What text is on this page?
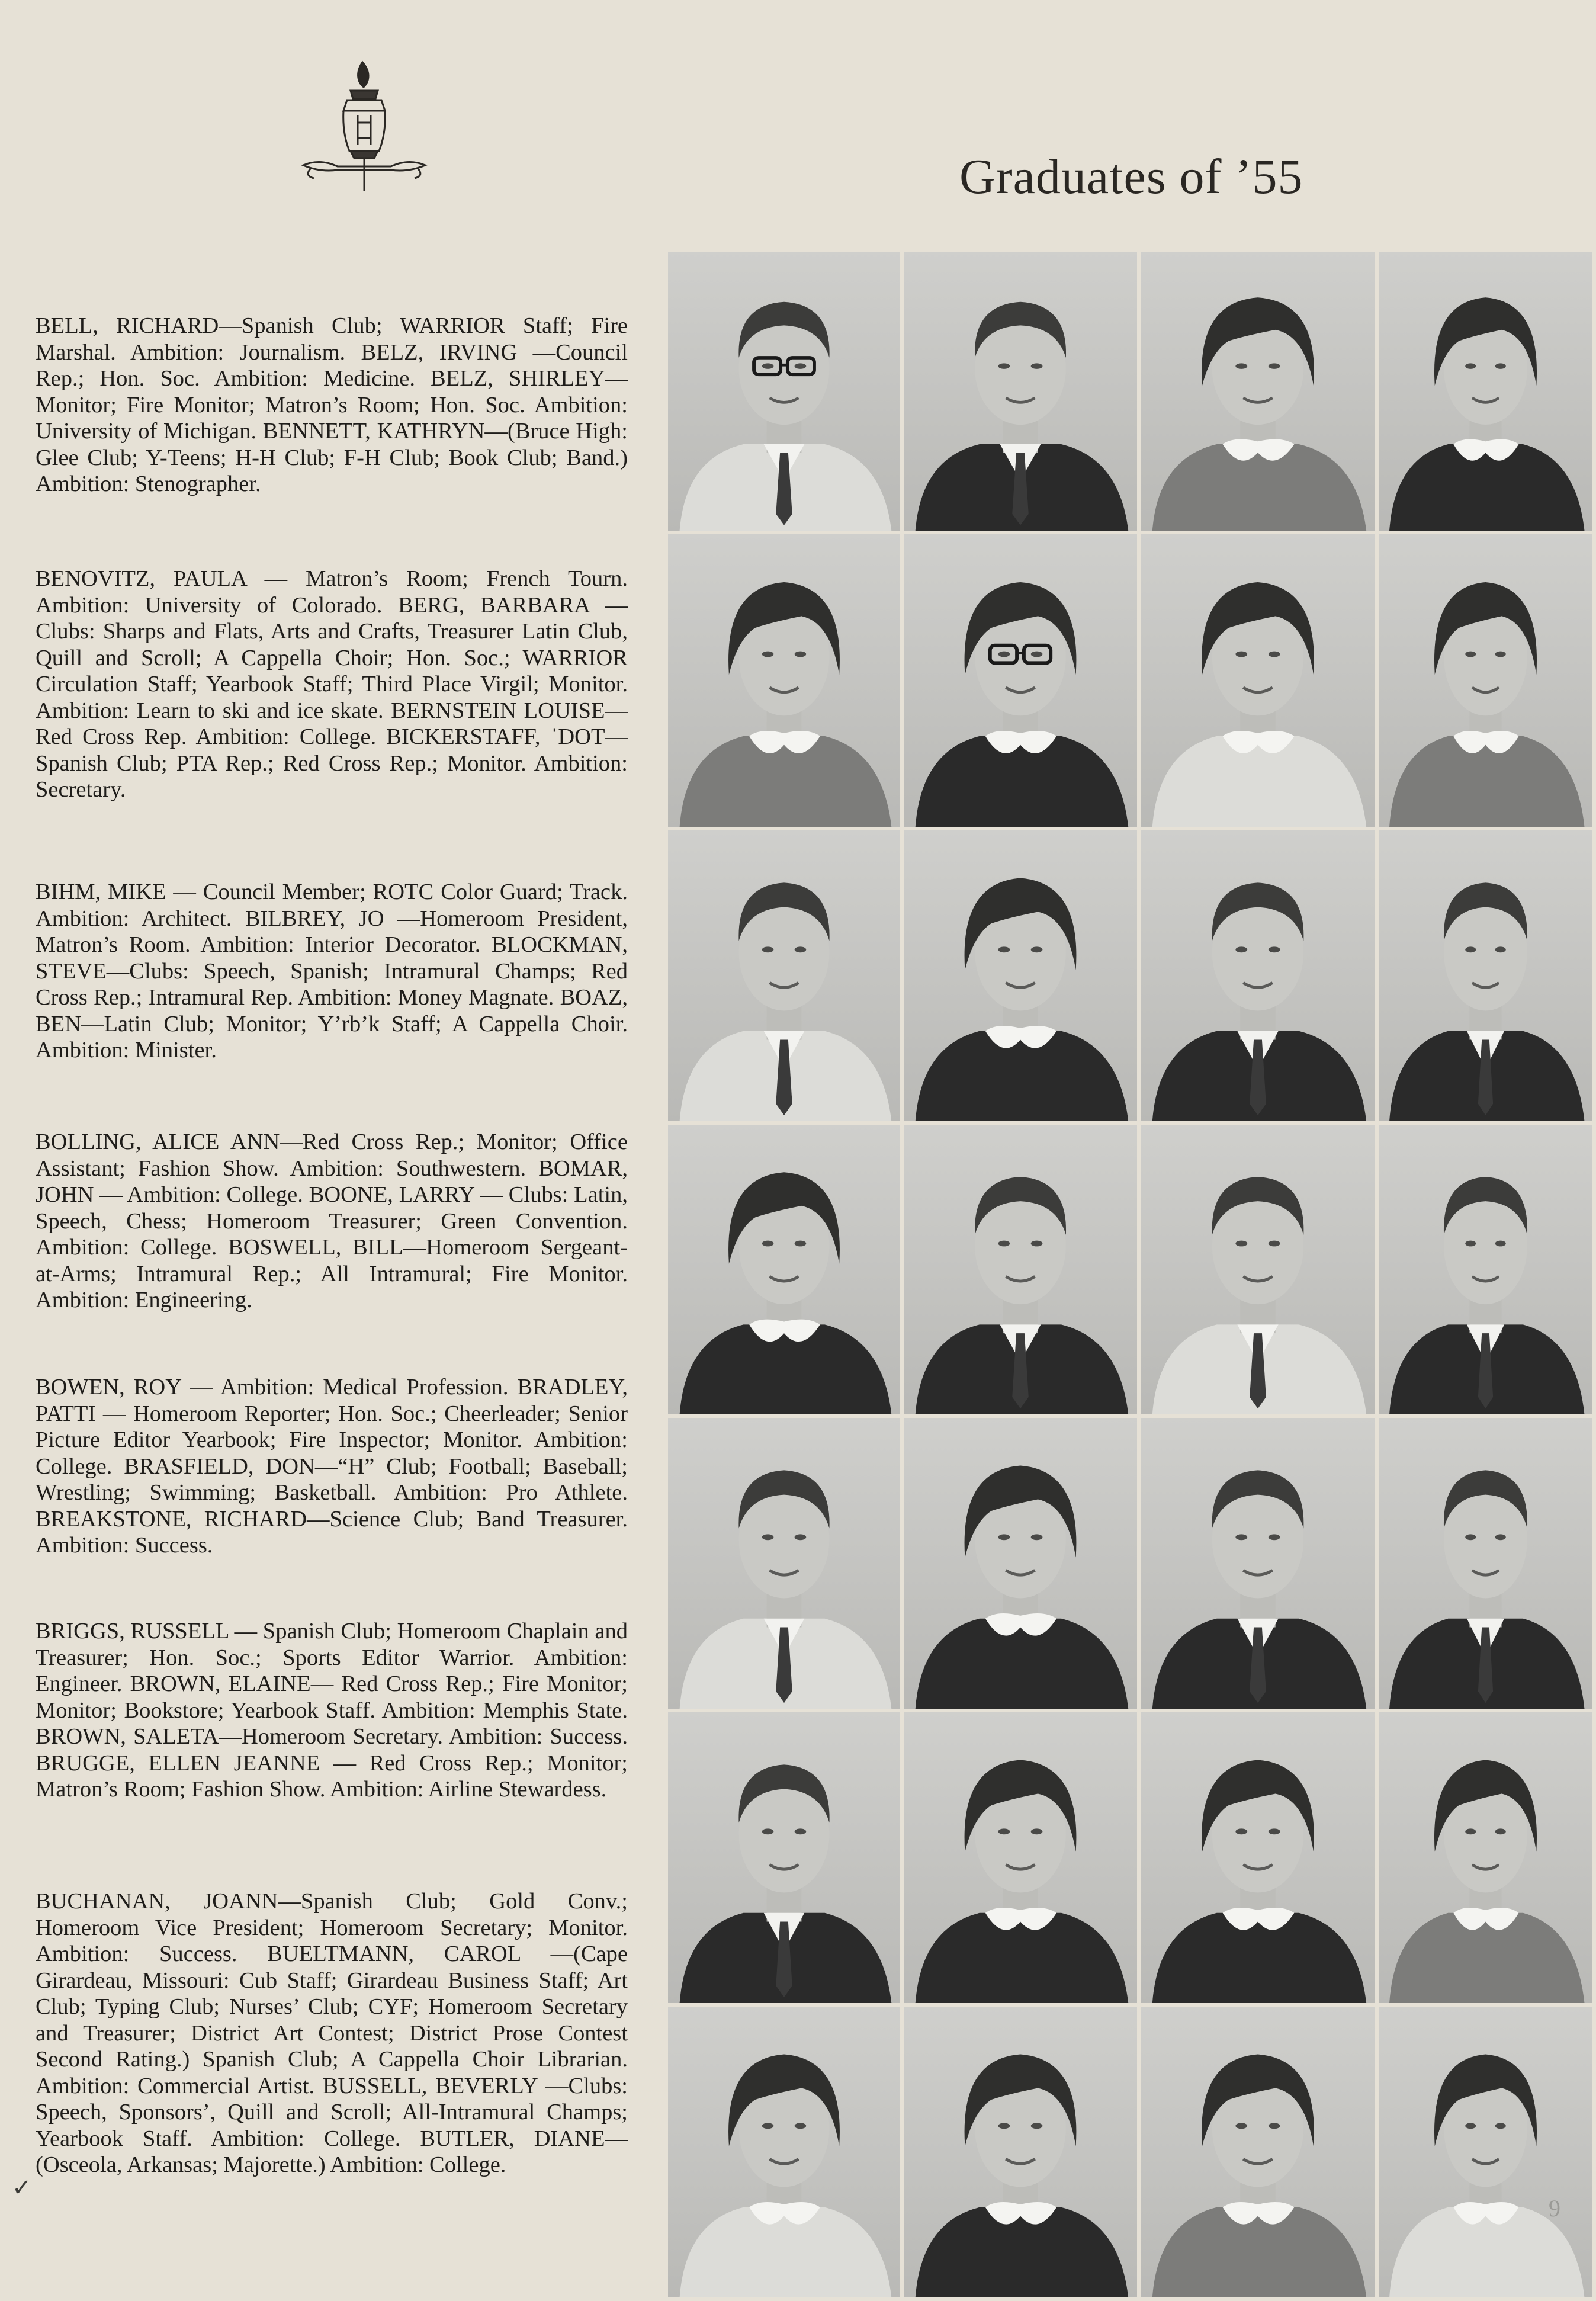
Graduates of ’55

BELL, RICHARD—Spanish Club; WARRIOR Staff; Fire Marshal. Ambition: Journalism. BELZ, IRVING —Council Rep.; Hon. Soc. Ambition: Medicine. BELZ, SHIRLEY—Monitor; Fire Monitor; Matron’s Room; Hon. Soc. Ambition: University of Michigan. BENNETT, KATHRYN—(Bruce High: Glee Club; Y-Teens; H-H Club; F-H Club; Book Club; Band.) Ambition: Stenographer.

BENOVITZ, PAULA — Matron’s Room; French Tourn. Ambition: University of Colorado. BERG, BARBARA — Clubs: Sharps and Flats, Arts and Crafts, Treasurer Latin Club, Quill and Scroll; A Cappella Choir; Hon. Soc.; WARRIOR Circulation Staff; Yearbook Staff; Third Place Virgil; Monitor. Ambition: Learn to ski and ice skate. BERNSTEIN LOUISE—Red Cross Rep. Ambition: College. BICKERSTAFF, ˈDOT—Spanish Club; PTA Rep.; Red Cross Rep.; Monitor. Ambition: Secretary.

BIHM, MIKE — Council Member; ROTC Color Guard; Track. Ambition: Architect. BILBREY, JO —Homeroom President, Matron’s Room. Ambition: Interior Decorator. BLOCKMAN, STEVE—Clubs: Speech, Spanish; Intramural Champs; Red Cross Rep.; Intramural Rep. Ambition: Money Magnate. BOAZ, BEN—Latin Club; Monitor; Y’rb’k Staff; A Cappella Choir. Ambition: Minister.

BOLLING, ALICE ANN—Red Cross Rep.; Monitor; Office Assistant; Fashion Show. Ambition: Southwestern. BOMAR, JOHN — Ambition: College. BOONE, LARRY — Clubs: Latin, Speech, Chess; Homeroom Treasurer; Green Convention. Ambition: College. BOSWELL, BILL—Homeroom Sergeant-at-Arms; Intramural Rep.; All Intramural; Fire Monitor. Ambition: Engineering.

BOWEN, ROY — Ambition: Medical Profession. BRADLEY, PATTI — Homeroom Reporter; Hon. Soc.; Cheerleader; Senior Picture Editor Yearbook; Fire Inspector; Monitor. Ambition: College. BRASFIELD, DON—“H” Club; Football; Baseball; Wrestling; Swimming; Basketball. Ambition: Pro Athlete. BREAKSTONE, RICHARD—Science Club; Band Treasurer. Ambition: Success.

BRIGGS, RUSSELL — Spanish Club; Homeroom Chaplain and Treasurer; Hon. Soc.; Sports Editor Warrior. Ambition: Engineer. BROWN, ELAINE— Red Cross Rep.; Fire Monitor; Monitor; Bookstore; Yearbook Staff. Ambition: Memphis State. BROWN, SALETA—Homeroom Secretary. Ambition: Success. BRUGGE, ELLEN JEANNE — Red Cross Rep.; Monitor; Matron’s Room; Fashion Show. Ambition: Airline Stewardess.

BUCHANAN, JOANN—Spanish Club; Gold Conv.; Homeroom Vice President; Homeroom Secretary; Monitor. Ambition: Success. BUELTMANN, CAROL —(Cape Girardeau, Missouri: Cub Staff; Girardeau Business Staff; Art Club; Typing Club; Nurses’ Club; CYF; Homeroom Secretary and Treasurer; District Art Contest; District Prose Contest Second Rating.) Spanish Club; A Cappella Choir Librarian. Ambition: Commercial Artist. BUSSELL, BEVERLY —Clubs: Speech, Sponsors’, Quill and Scroll; All-Intramural Champs; Yearbook Staff. Ambition: College. BUTLER, DIANE—(Osceola, Arkansas; Majorette.) Ambition: College.

✓
9
